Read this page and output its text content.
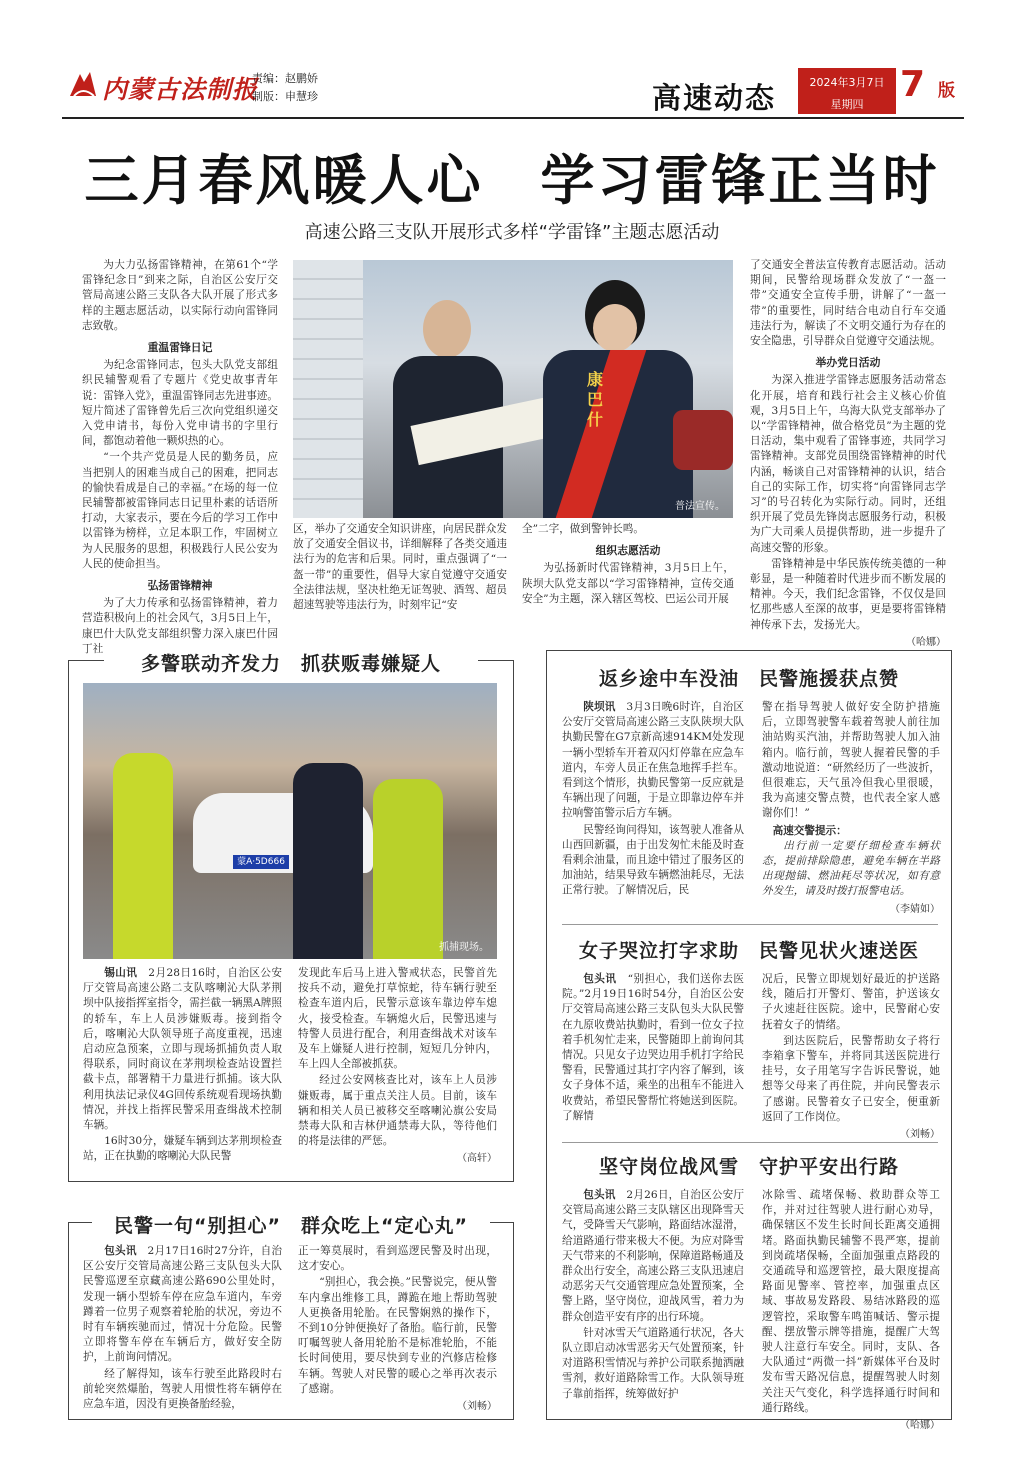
内蒙古法制报
责编：赵鹏娇
制版：申慧珍	高速动态	2024年3月7日
星期四	7 版
三月春风暖人心　学习雷锋正当时
高速公路三支队开展形式多样“学雷锋”主题志愿活动

为大力弘扬雷锋精神，在第61个“学雷锋纪念日”到来之际，自治区公安厅交管局高速公路三支队各大队开展了形式多样的主题志愿活动，以实际行动向雷锋同志致敬。

重温雷锋日记

为纪念雷锋同志，包头大队党支部组织民辅警观看了专题片《党史故事青年说：雷锋入党》，重温雷锋同志先进事迹。短片简述了雷锋曾先后三次向党组织递交入党申请书，每份入党申请书的字里行间，都饱动着他一颗炽热的心。

“一个共产党员是人民的勤务员，应当把别人的困难当成自己的困难，把同志的愉快看成是自己的幸福。”在场的每一位民辅警都被雷锋同志日记里朴素的话语所打动，大家表示，要在今后的学习工作中以雷锋为榜样，立足本职工作，牢固树立为人民服务的思想，积极践行人民公安为人民的使命担当。

弘扬雷锋精神

为了大力传承和弘扬雷锋精神，着力营造积极向上的社会风气，3月5日上午，康巴什大队党支部组织警力深入康巴什园丁社

康巴什
普法宣传。

区，举办了交通安全知识讲座，向居民群众发放了交通安全倡议书，详细解释了各类交通违法行为的危害和后果。同时，重点强调了“一盔一带”的重要性，倡导大家自觉遵守交通安全法律法规，坚决杜绝无证驾驶、酒驾、超员超速驾驶等违法行为，时刻牢记“安

全”二字，做到警钟长鸣。

组织志愿活动

为弘扬新时代雷锋精神，3月5日上午，陕坝大队党支部以“学习雷锋精神，宣传交通安全”为主题，深入辖区驾校、巴运公司开展

了交通安全普法宣传教育志愿活动。活动期间，民警给现场群众发放了“一盔一带”交通安全宣传手册，讲解了“一盔一带”的重要性，同时结合电动自行车交通违法行为，解读了不文明交通行为存在的安全隐患，引导群众自觉遵守交通法规。

举办党日活动

为深入推进学雷锋志愿服务活动常态化开展，培育和践行社会主义核心价值观，3月5日上午，乌海大队党支部举办了以“学雷锋精神，做合格党员”为主题的党日活动，集中观看了雷锋事迹，共同学习雷锋精神。支部党员围绕雷锋精神的时代内涵，畅谈自己对雷锋精神的认识，结合自己的实际工作，切实将“向雷锋同志学习”的号召转化为实际行动。同时，还组织开展了党员先锋岗志愿服务行动，积极为广大司乘人员提供帮助，进一步提升了高速交警的形象。

雷锋精神是中华民族传统美德的一种彰显，是一种随着时代进步而不断发展的精神。今天，我们纪念雷锋，不仅仅是回忆那些感人至深的故事，更是要将雷锋精神传承下去，发扬光大。

（哈娜）
多警联动齐发力　抓获贩毒嫌疑人
蒙A·5D666
抓捕现场。

锡山讯　 2月28日16时，自治区公安厅交管局高速公路二支队喀喇沁大队茅荆坝中队接指挥室指令，需拦截一辆黑A牌照的轿车，车上人员涉嫌贩毒。接到指令后，喀喇沁大队领导班子高度重视，迅速启动应急预案，立即与现场抓捕负责人取得联系，同时商议在茅荆坝检查站设置拦截卡点，部署精干力量进行抓捕。该大队利用执法记录仪4G回传系统观看现场执勤情况，并找上指挥民警采用查缉战术控制车辆。

16时30分，嫌疑车辆到达茅荆坝检查站，正在执勤的喀喇沁大队民警

发现此车后马上进入警戒状态，民警首先按兵不动，避免打草惊蛇，待车辆行驶至检查车道内后，民警示意该车靠边停车熄火，接受检查。车辆熄火后，民警迅速与特警人员进行配合，利用查缉战术对该车及车上嫌疑人进行控制，短短几分钟内，车上四人全部被抓获。

经过公安网核查比对，该车上人员涉嫌贩毒，属于重点关注人员。目前，该车辆和相关人员已被移交至喀喇沁旗公安局禁毒大队和吉林伊通禁毒大队，等待他们的将是法律的严惩。

（高轩）
民警一句“别担心”　群众吃上“定心丸”

包头讯　 2月17日16时27分许，自治区公安厅交管局高速公路三支队包头大队民警巡逻至京藏高速公路690公里处时，发现一辆小型轿车停在应急车道内，车旁蹲着一位男子观察着轮胎的状况，旁边不时有车辆疾驰而过，情况十分危险。民警立即将警车停在车辆后方，做好安全防护，上前询问情况。

经了解得知，该车行驶至此路段时右前轮突然爆胎，驾驶人用惯性将车辆停在应急车道，因没有更换备胎经验，

正一筹莫展时，看到巡逻民警及时出现，这才安心。

“别担心，我会换。”民警说完，便从警车内拿出维修工具，蹲跪在地上帮助驾驶人更换备用轮胎。在民警娴熟的操作下，不到10分钟便换好了备胎。临行前，民警叮嘱驾驶人备用轮胎不是标准轮胎，不能长时间使用，要尽快到专业的汽修店检修车辆。驾驶人对民警的暖心之举再次表示了感谢。

（刘畅）
返乡途中车没油　民警施援获点赞

陕坝讯　 3月3日晚6时许，自治区公安厅交管局高速公路三支队陕坝大队执勤民警在G7京新高速914KM处发现一辆小型轿车开着双闪灯停靠在应急车道内，车旁人员正在焦急地挥手拦车。看到这个情形，执勤民警第一反应就是车辆出现了问题，于是立即靠边停车并拉响警笛警示后方车辆。

民警经询问得知，该驾驶人准备从山西回新疆，由于出发匆忙未能及时查看剩余油量，而且途中错过了服务区的加油站，结果导致车辆燃油耗尽，无法正常行驶。了解情况后，民

警在指导驾驶人做好安全防护措施后，立即驾驶警车载着驾驶人前往加油站购买汽油，并帮助驾驶人加入油箱内。临行前，驾驶人握着民警的手激动地说道：“研然经历了一些波折，但很难忘，天气虽冷但我心里很暖，我为高速交警点赞，也代表全家人感谢你们！”

高速交警提示：

出行前一定要仔细检查车辆状态，提前排除隐患，避免车辆在半路出现抛锚、燃油耗尽等状况，如有意外发生，请及时拨打报警电话。

（李婧如）
女子哭泣打字求助　民警见状火速送医

包头讯　 “别担心，我们送你去医院。”2月19日16时54分，自治区公安厅交管局高速公路三支队包头大队民警在九原收费站执勤时，看到一位女子拉着手机匆忙走来，民警随即上前询问其情况。只见女子边哭边用手机打字给民警看，民警通过其打字内容了解到，该女子身体不适，乘坐的出租车不能进入收费站，希望民警帮忙将她送到医院。了解情

况后，民警立即规划好最近的护送路线，随后打开警灯、警笛，护送该女子火速赶往医院。途中，民警耐心安抚着女子的情绪。

到达医院后，民警帮助女子将行李箱拿下警车，并将同其送医院进行挂号，女子用笔写字告诉民警说，她想等父母来了再住院，并向民警表示了感谢。民警着女子已安全，便重新返回了工作岗位。

（刘畅）
坚守岗位战风雪　守护平安出行路

包头讯　 2月26日，自治区公安厅交管局高速公路三支队辖区出现降雪天气，受降雪天气影响，路面结冰湿滑，给道路通行带来极大不便。为应对降雪天气带来的不利影响，保障道路畅通及群众出行安全，高速公路三支队迅速启动恶劣天气交通管理应急处置预案，全警上路，坚守岗位，迎战风雪，着力为群众创造平安有序的出行环境。

针对冰雪天气道路通行状况，各大队立即启动冰雪恶劣天气处置预案，针对道路积雪情况与养护公司联系抛洒融雪剂，救好道路除雪工作。大队领导班子靠前指挥，统筹做好护

冰除雪、疏堵保畅、救助群众等工作，并对过往驾驶人进行耐心劝导，确保辖区不发生长时间长距离交通拥堵。路面执勤民辅警不畏严寒，提前到岗疏堵保畅，全面加强重点路段的交通疏导和巡逻管控，最大限度提高路面见警率、管控率，加强重点区域、事故易发路段、易结冰路段的巡逻管控，采取警车鸣笛喊话、警示提醒、摆放警示牌等措施，提醒广大驾驶人注意行车安全。同时，支队、各大队通过“两微一抖”新媒体平台及时发布雪天路况信息，提醒驾驶人时刻关注天气变化，科学选择通行时间和通行路线。

（哈娜）
